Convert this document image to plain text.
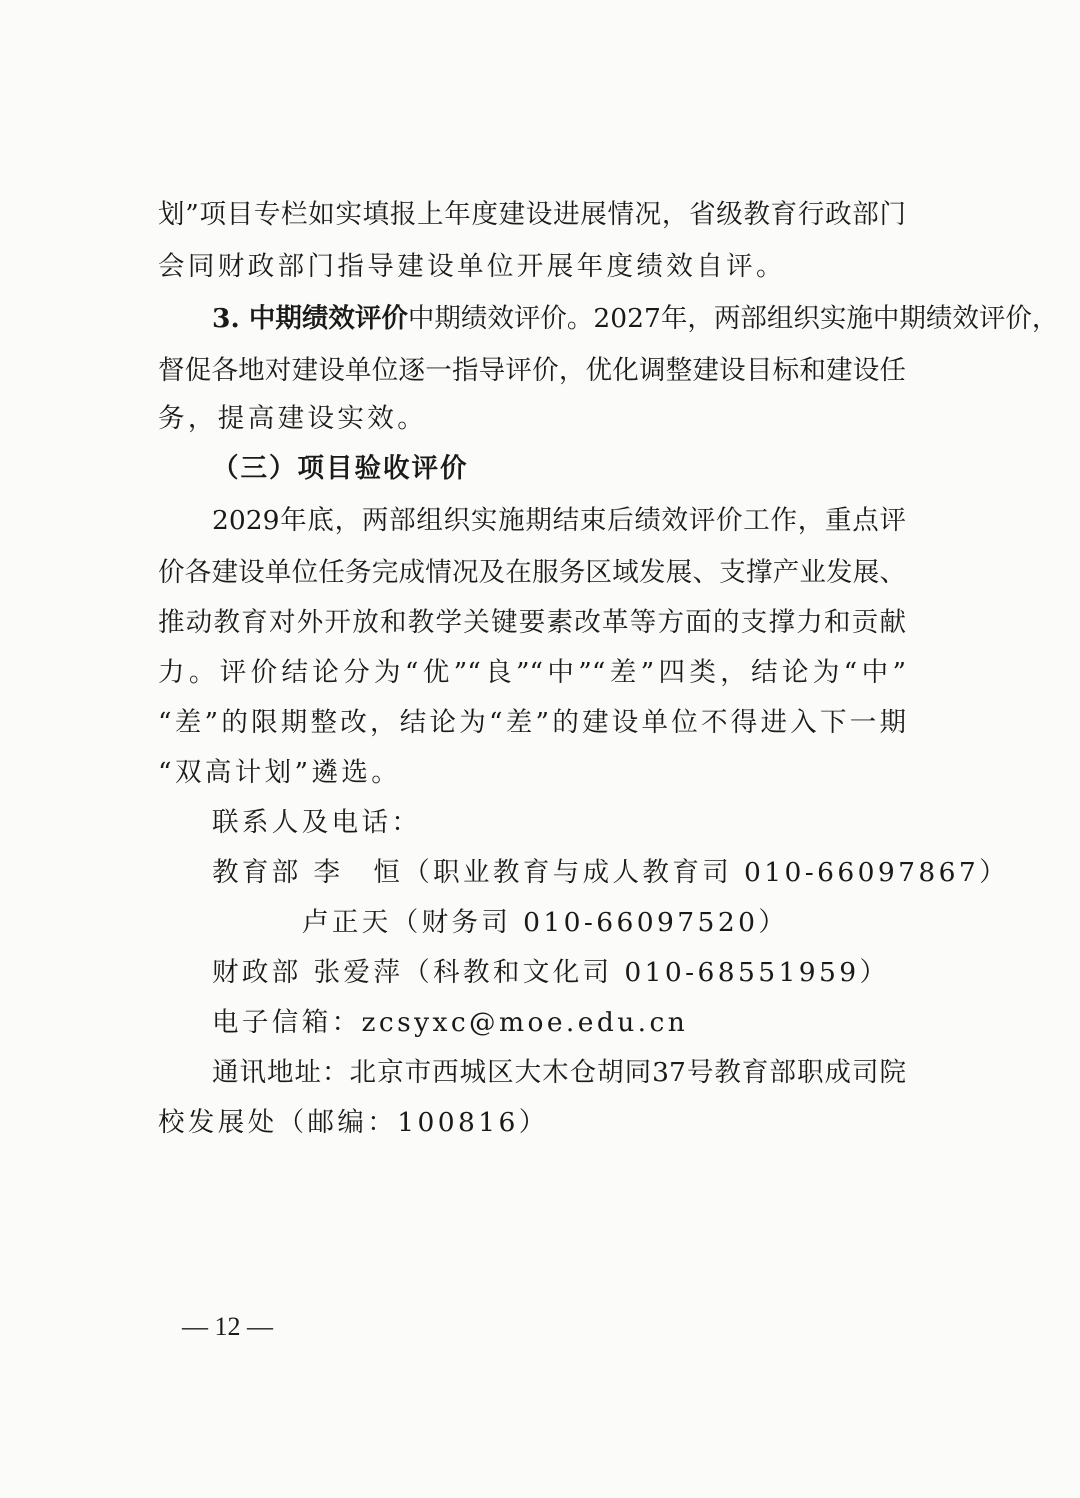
划”项目专栏如实填报上年度建设进展情况，省级教育行政部门
会同财政部门指导建设单位开展年度绩效自评。
3. 中期绩效评价中期绩效评价。2027年，两部组织实施中期绩效评价，
督促各地对建设单位逐一指导评价，优化调整建设目标和建设任
务，提高建设实效。
（三）项目验收评价
2029年底，两部组织实施期结束后绩效评价工作，重点评
价各建设单位任务完成情况及在服务区域发展、支撑产业发展、
推动教育对外开放和教学关键要素改革等方面的支撑力和贡献
力。评价结论分为“优”“良”“中”“差”四类，结论为“中”
“差”的限期整改，结论为“差”的建设单位不得进入下一期
“双高计划”遴选。
联系人及电话：
教育部 李　恒（职业教育与成人教育司 010-66097867）
卢正天（财务司 010-66097520）
财政部 张爱萍（科教和文化司 010-68551959）
电子信箱：zcsyxc@moe.edu.cn
通讯地址：北京市西城区大木仓胡同37号教育部职成司院
校发展处（邮编：100816）
— 12 —
